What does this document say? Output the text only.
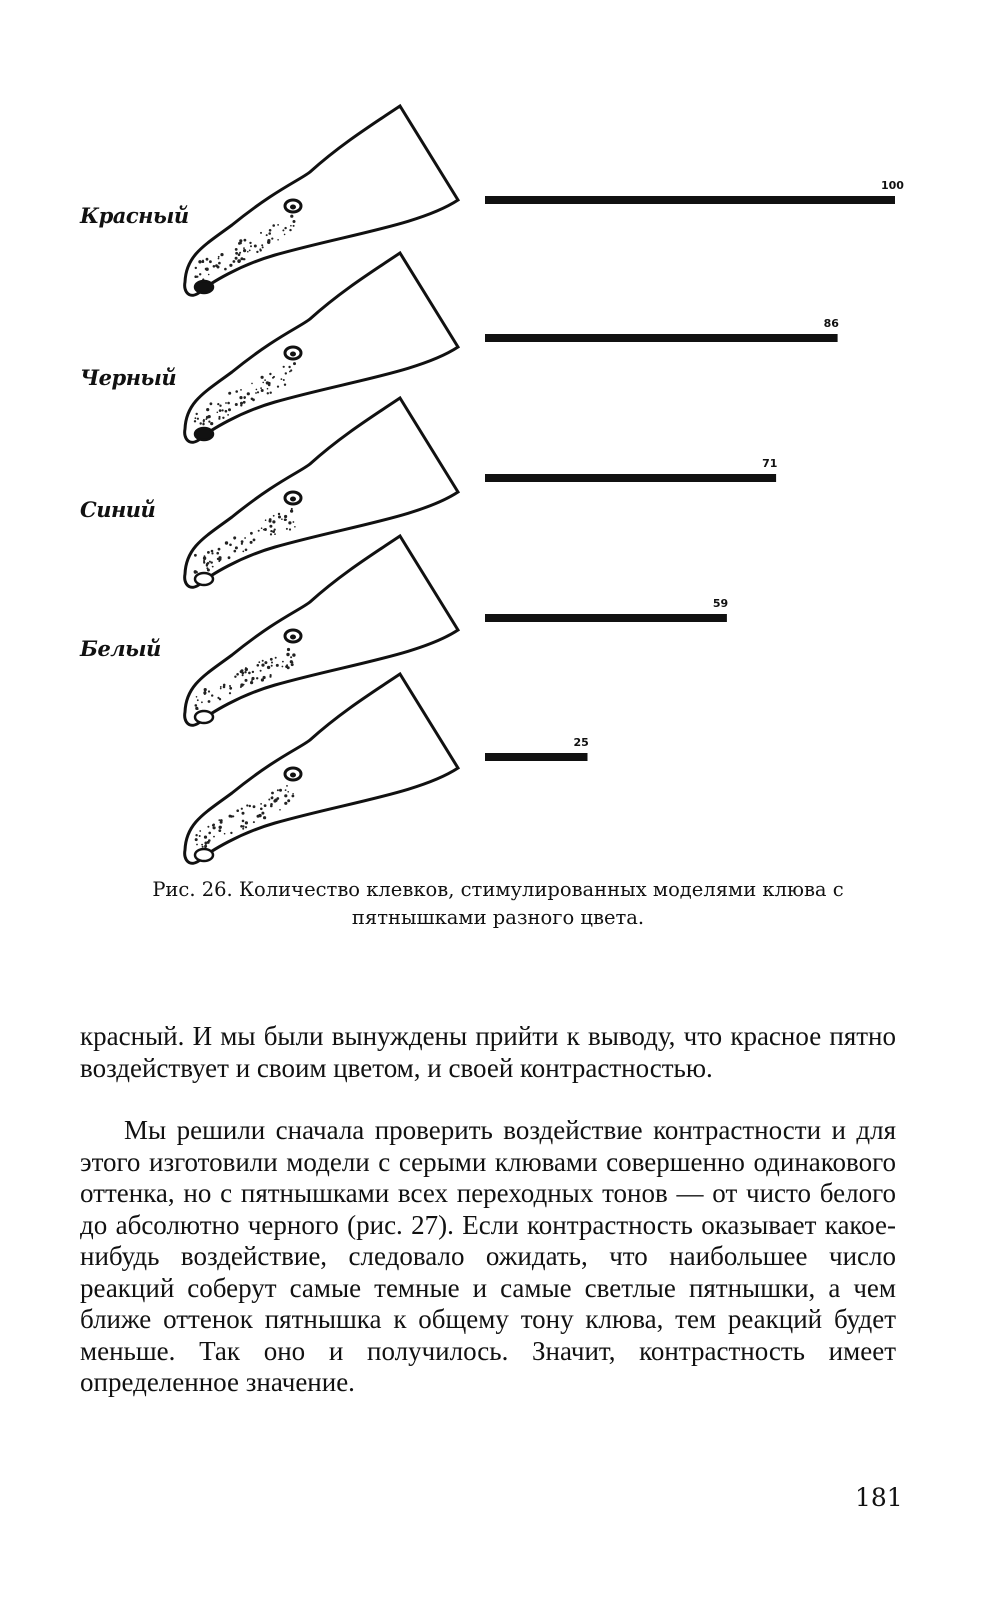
100
86
71
59
25
Красный
Черный
Синий
Белый
Рис. 26. Количество клевков, стимулированных моделями клюва с
пятнышками разного цвета.

красный. И мы были вынуждены прийти к выводу, что красное пятно воздействует и своим цветом, и своей контрастностью.

Мы решили сначала проверить воздействие контрастности и для этого изготовили модели с серыми клювами совершенно одинакового оттенка, но с пятнышками всех переходных тонов — от чисто белого до абсолютно черного (рис. 27). Если контрастность оказывает какое-нибудь воздействие, следовало ожидать, что наибольшее число реакций соберут самые темные и самые светлые пятнышки, а чем ближе оттенок пятнышка к общему тону клюва, тем реакций будет меньше. Так оно и получилось. Значит, контрастность имеет определенное значение.

181
